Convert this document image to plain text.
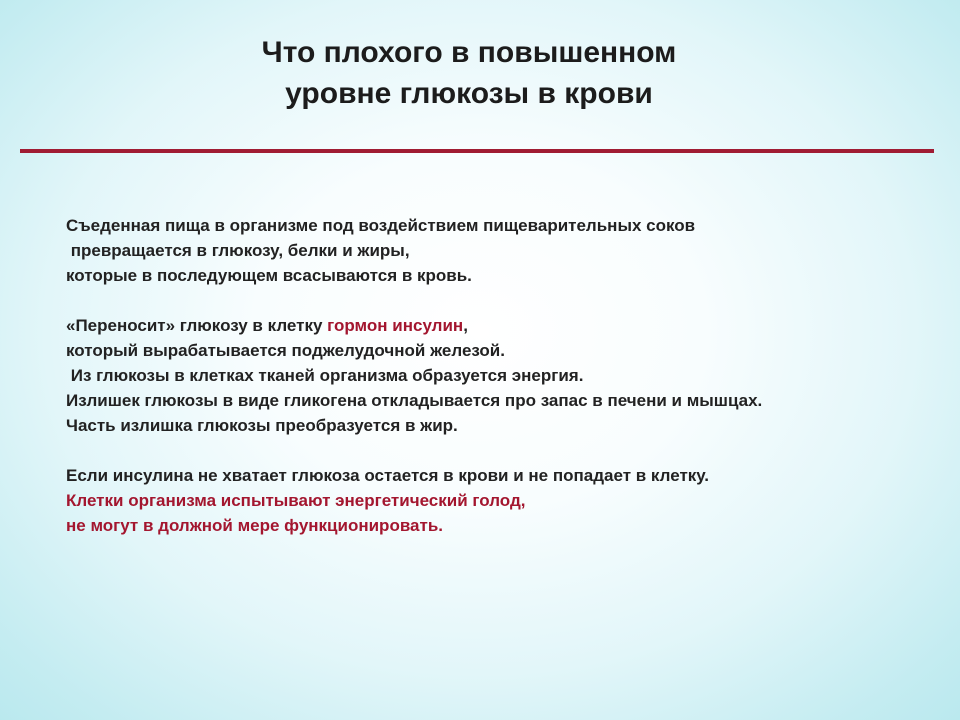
Что плохого в повышенном
уровне глюкозы в крови
Съеденная пища в организме под воздействием пищеварительных соков
превращается в глюкозу, белки и жиры,
которые в последующем всасываются в кровь.
«Переносит» глюкозу в клетку гормон инсулин,
который вырабатывается поджелудочной железой.
Из глюкозы в клетках тканей организма образуется энергия.
Излишек глюкозы в виде гликогена откладывается про запас в печени и мышцах.
Часть излишка глюкозы преобразуется в жир.
Если инсулина не хватает глюкоза остается в крови и не попадает в клетку.
Клетки организма испытывают энергетический голод,
не могут в должной мере функционировать.
